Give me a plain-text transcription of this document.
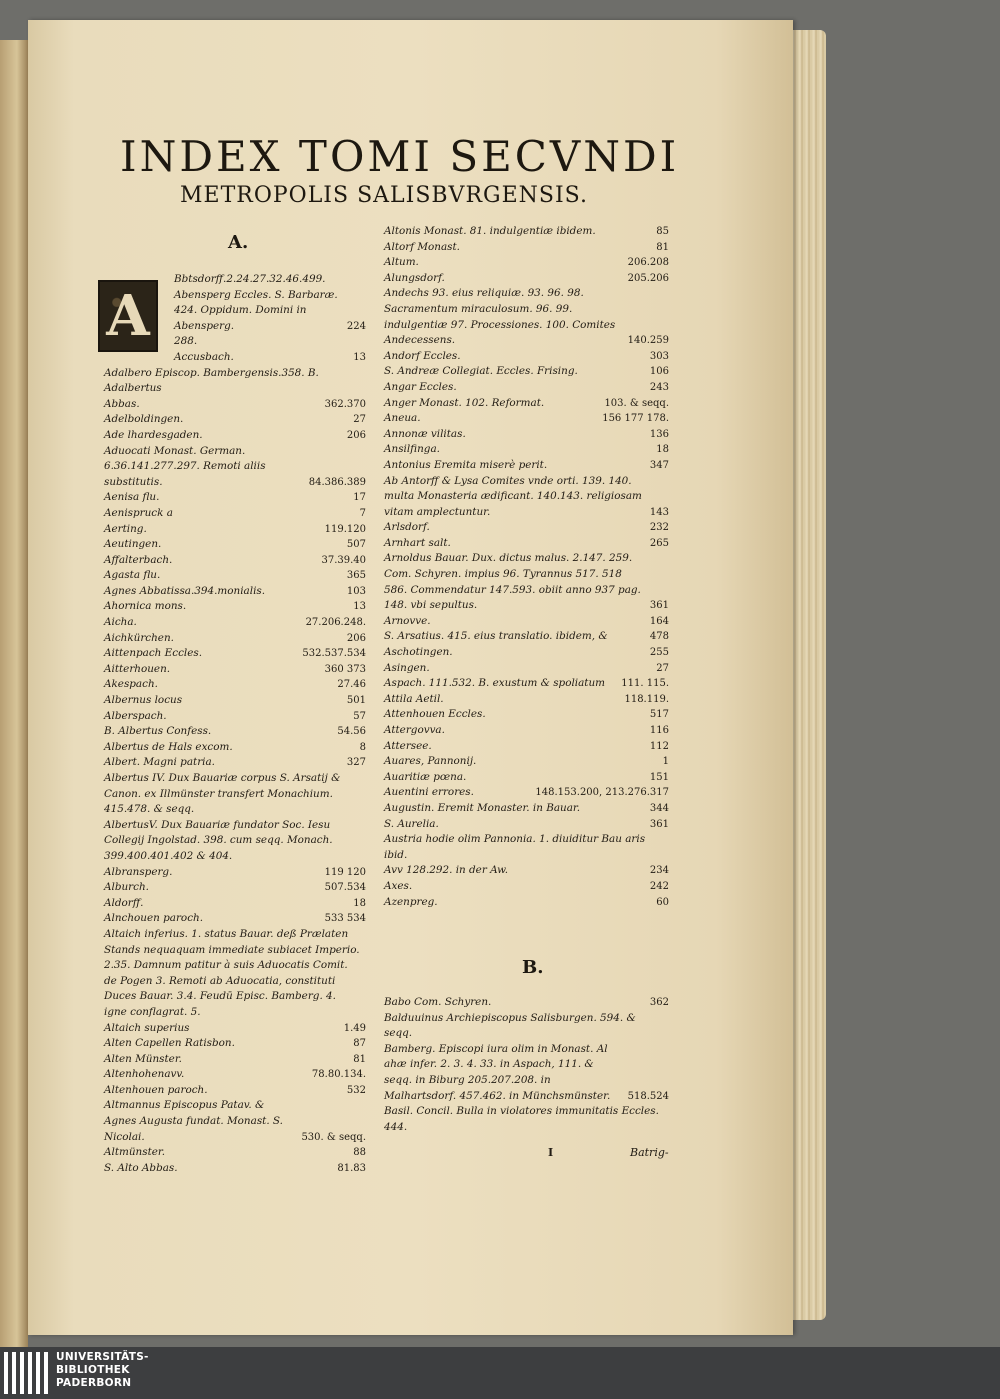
INDEX TOMI SECVNDI
METROPOLIS SALISBVRGENSIS.
A.
A
Bbtsdorff.2.24.27.32.46.499.
Abensperg Eccles. S. Barbaræ. 424. Oppidum. Domini in Abensperg.	224
288.
Accusbach.	13
Adalbero Episcop. Bambergensis.358. B. Adalbertus
Abbas.	362.370
Adelboldingen.	27
Ade lhardesgaden.	206
Aduocati Monast. German. 6.36.141.277.297. Remoti aliis substitutis.	84.386.389
Aenisa flu.	17
Aenispruck a	7
Aerting.	119.120
Aeutingen.	507
Affalterbach.	37.39.40
Agasta flu.	365
Agnes Abbatissa.394.monialis.	103
Ahornica mons.	13
Aicha.	27.206.248.
Aichkürchen.	206
Aittenpach Eccles.	532.537.534
Aitterhouen.	360 373
Akespach.	27.46
Albernus locus	501
Alberspach.	57
B. Albertus Confess.	54.56
Albertus de Hals excom.	8
Albert. Magni patria.	327
Albertus IV. Dux Bauariæ corpus S. Arsatij & Canon. ex Illmünster transfert Monachium. 415.478. & seqq.
AlbertusV. Dux Bauariæ fundator Soc. Iesu Collegij Ingolstad. 398. cum seqq. Monach. 399.400.401.402 & 404.
Albransperg.	119 120
Alburch.	507.534
Aldorff.	18
Alnchouen paroch.	533 534
Altaich inferius. 1. status Bauar. deß Prælaten Stands nequaquam immediate subiacet Imperio. 2.35. Damnum patitur à suis Aduocatis Comit. de Pogen 3. Remoti ab Aduocatia, constituti Duces Bauar. 3.4. Feudū Episc. Bamberg. 4. igne conflagrat. 5.
Altaich superius	1.49
Alten Capellen Ratisbon.	87
Alten Münster.	81
Altenhohenavv.	78.80.134.
Altenhouen paroch.	532
Altmannus Episcopus Patav. & Agnes Augusta fundat. Monast. S. Nicolai.	530. & seqq.
Altmünster.	88
S. Alto Abbas.	81.83
Altonis Monast. 81. indulgentiæ ibidem.	85
Altorf Monast.	81
Altum.	206.208
Alungsdorf.	205.206
Andechs 93. eius reliquiæ. 93. 96. 98. Sacramentum miraculosum. 96. 99. indulgentiæ 97. Processiones. 100. Comites Andecessens.	140.259
Andorf Eccles.	303
S. Andreæ Collegiat. Eccles. Frising.	106
Angar Eccles.	243
Anger Monast. 102. Reformat.	103. & seqq.
Aneua.	156 177 178.
Annonæ vilitas.	136
Ansilfinga.	18
Antonius Eremita miserè perit.	347
Ab Antorff & Lysa Comites vnde orti. 139. 140. multa Monasteria ædificant. 140.143. religiosam vitam amplectuntur.	143
Arlsdorf.	232
Arnhart salt.	265
Arnoldus Bauar. Dux. dictus malus. 2.147. 259. Com. Schyren. impius 96. Tyrannus 517. 518 586. Commendatur 147.593. obiit anno 937 pag. 148. vbi sepultus.	361
Arnovve.	164
S. Arsatius. 415. eius translatio. ibidem, &	478
Aschotingen.	255
Asingen.	27
Aspach. 111.532. B. exustum & spoliatum	111. 115.
Attila Aetil.	118.119.
Attenhouen Eccles.	517
Attergovva.	116
Attersee.	112
Auares, Pannonij.	1
Auaritiæ pœna.	151
Auentini errores.	148.153.200, 213.276.317
Augustin. Eremit Monaster. in Bauar.	344
S. Aurelia.	361
Austria hodie olim Pannonia. 1. diuiditur Bau aris ibid.
Avv 128.292. in der Aw.	234
Axes.	242
Azenpreg.	60
B.
Babo Com. Schyren.	362
Balduuinus Archiepiscopus Salisburgen. 594. & seqq.
Bamberg. Episcopi iura olim in Monast. Al ahæ infer. 2. 3. 4. 33. in Aspach, 111. & seqq. in Biburg 205.207.208. in Malhartsdorf. 457.462. in Münchsmünster.	518.524
Basil. Concil. Bulla in violatores immunitatis Eccles. 444.
I	Batrig-
UNIVERSITÄTS-
BIBLIOTHEK
PADERBORN
